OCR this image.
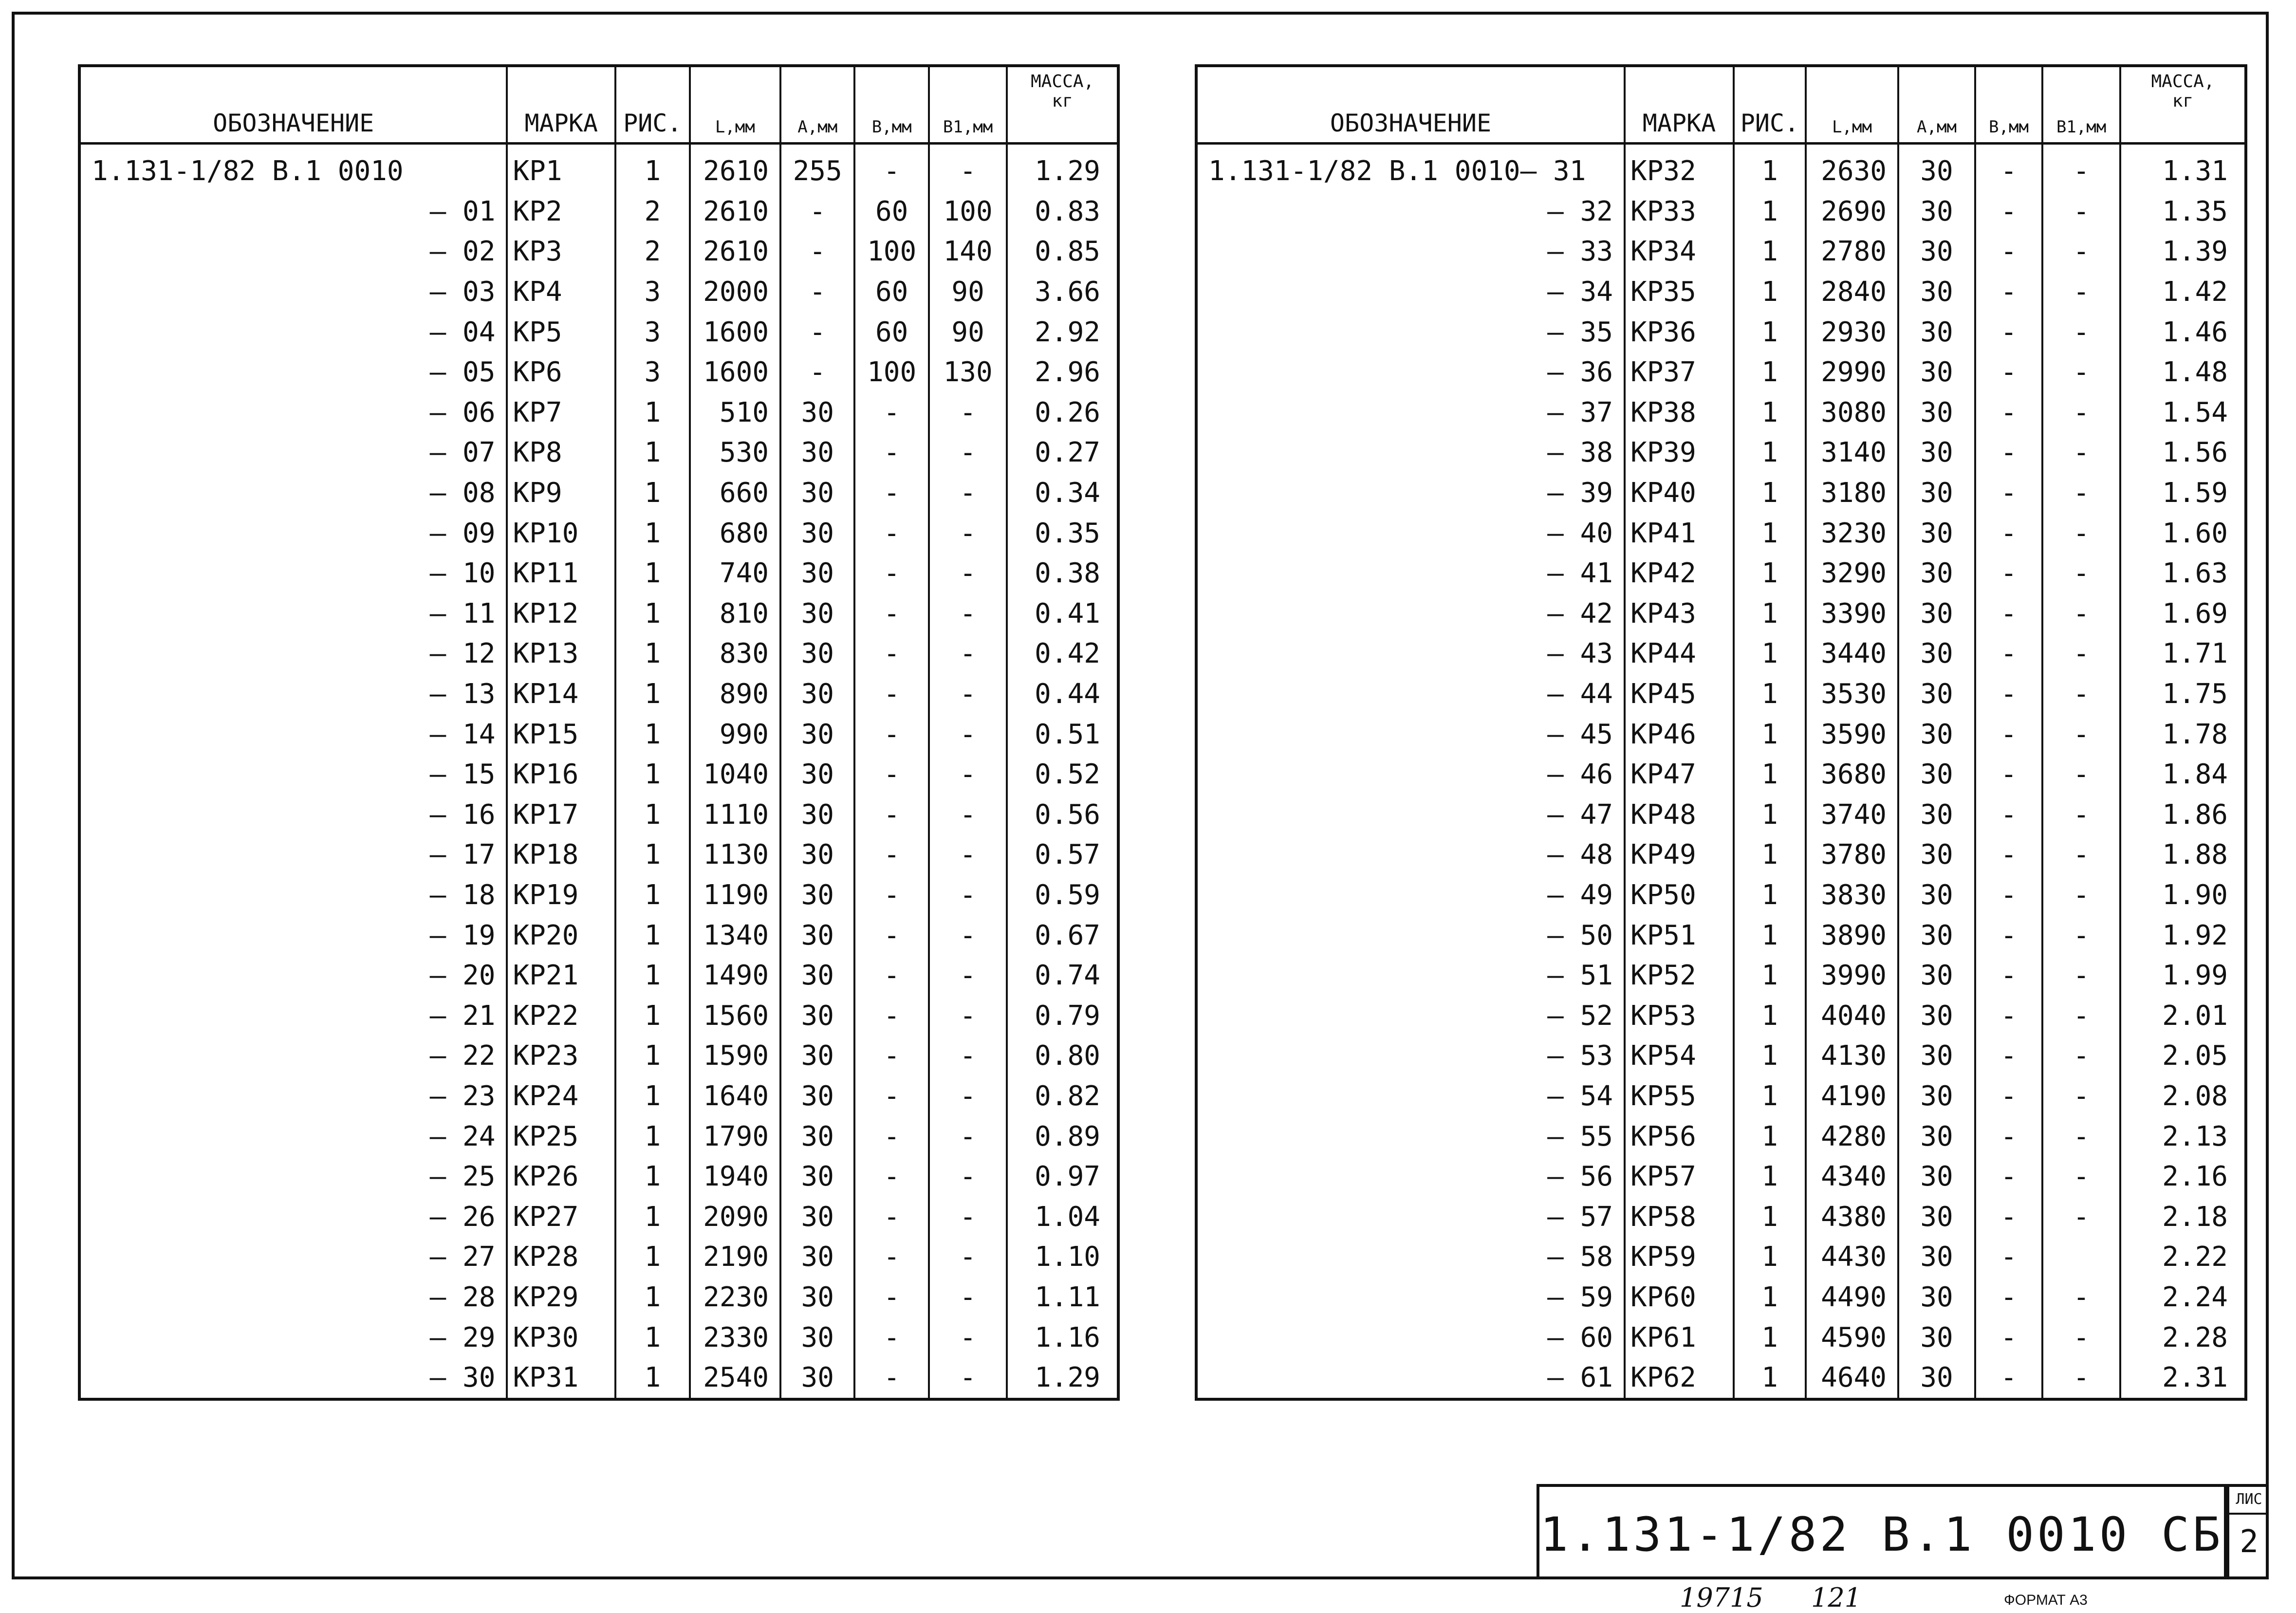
ОБОЗНАЧЕНИЕ	МАРКА	РИС.	L,мм	А,мм	В,мм	В1,мм	МАССА,
кг

1.131-1/82 В.1 0010	КР1	1	2610	255	-	-	1.29
– 01	КР2	2	2610	-	60	100	0.83
– 02	КР3	2	2610	-	100	140	0.85
– 03	КР4	3	2000	-	60	90	3.66
– 04	КР5	3	1600	-	60	90	2.92
– 05	КР6	3	1600	-	100	130	2.96
– 06	КР7	1	510	30	-	-	0.26
– 07	КР8	1	530	30	-	-	0.27
– 08	КР9	1	660	30	-	-	0.34
– 09	КР10	1	680	30	-	-	0.35
– 10	КР11	1	740	30	-	-	0.38
– 11	КР12	1	810	30	-	-	0.41
– 12	КР13	1	830	30	-	-	0.42
– 13	КР14	1	890	30	-	-	0.44
– 14	КР15	1	990	30	-	-	0.51
– 15	КР16	1	1040	30	-	-	0.52
– 16	КР17	1	1110	30	-	-	0.56
– 17	КР18	1	1130	30	-	-	0.57
– 18	КР19	1	1190	30	-	-	0.59
– 19	КР20	1	1340	30	-	-	0.67
– 20	КР21	1	1490	30	-	-	0.74
– 21	КР22	1	1560	30	-	-	0.79
– 22	КР23	1	1590	30	-	-	0.80
– 23	КР24	1	1640	30	-	-	0.82
– 24	КР25	1	1790	30	-	-	0.89
– 25	КР26	1	1940	30	-	-	0.97
– 26	КР27	1	2090	30	-	-	1.04
– 27	КР28	1	2190	30	-	-	1.10
– 28	КР29	1	2230	30	-	-	1.11
– 29	КР30	1	2330	30	-	-	1.16
– 30	КР31	1	2540	30	-	-	1.29
ОБОЗНАЧЕНИЕ	МАРКА	РИС.	L,мм	А,мм	В,мм	В1,мм	МАССА,
кг

1.131-1/82 В.1 0010– 31	КР32	1	2630	30	-	-	1.31
– 32	КР33	1	2690	30	-	-	1.35
– 33	КР34	1	2780	30	-	-	1.39
– 34	КР35	1	2840	30	-	-	1.42
– 35	КР36	1	2930	30	-	-	1.46
– 36	КР37	1	2990	30	-	-	1.48
– 37	КР38	1	3080	30	-	-	1.54
– 38	КР39	1	3140	30	-	-	1.56
– 39	КР40	1	3180	30	-	-	1.59
– 40	КР41	1	3230	30	-	-	1.60
– 41	КР42	1	3290	30	-	-	1.63
– 42	КР43	1	3390	30	-	-	1.69
– 43	КР44	1	3440	30	-	-	1.71
– 44	КР45	1	3530	30	-	-	1.75
– 45	КР46	1	3590	30	-	-	1.78
– 46	КР47	1	3680	30	-	-	1.84
– 47	КР48	1	3740	30	-	-	1.86
– 48	КР49	1	3780	30	-	-	1.88
– 49	КР50	1	3830	30	-	-	1.90
– 50	КР51	1	3890	30	-	-	1.92
– 51	КР52	1	3990	30	-	-	1.99
– 52	КР53	1	4040	30	-	-	2.01
– 53	КР54	1	4130	30	-	-	2.05
– 54	КР55	1	4190	30	-	-	2.08
– 55	КР56	1	4280	30	-	-	2.13
– 56	КР57	1	4340	30	-	-	2.16
– 57	КР58	1	4380	30	-	-	2.18
– 58	КР59	1	4430	30	-		2.22
– 59	КР60	1	4490	30	-	-	2.24
– 60	КР61	1	4590	30	-	-	2.28
– 61	КР62	1	4640	30	-	-	2.31
1.131-1/82 В.1 0010 СБ
ЛИС
2
19715 121	ФОРМАТ А3
